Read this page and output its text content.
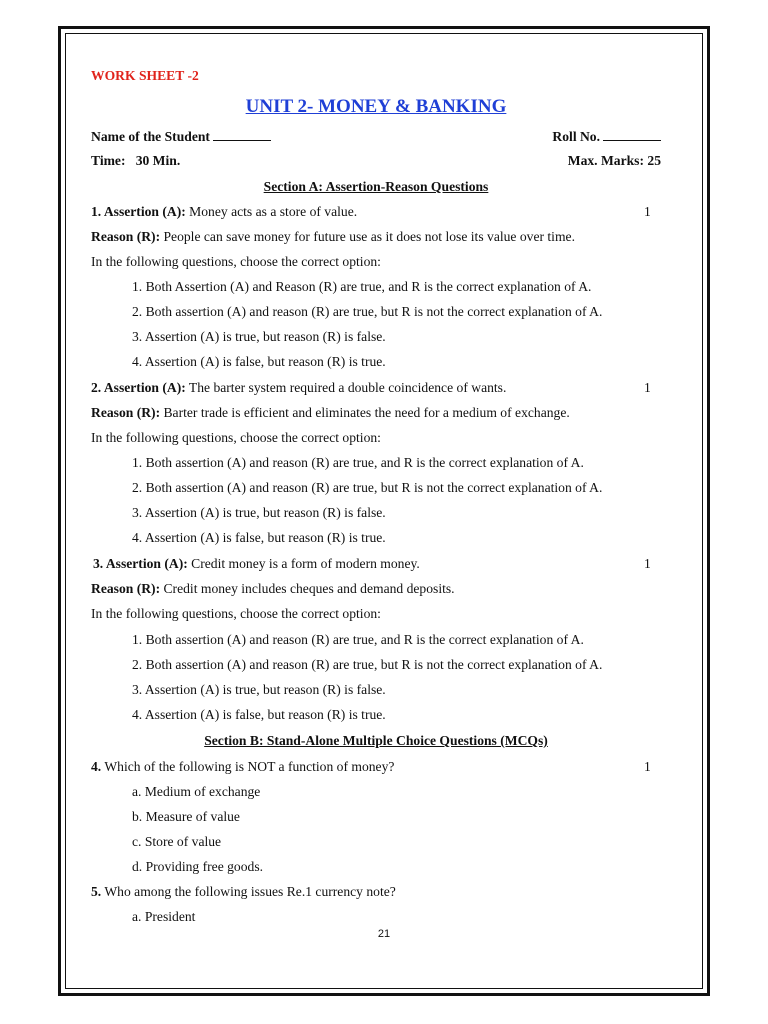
WORK SHEET -2
UNIT 2- MONEY & BANKING
Name of the Student	Roll No.
Time: 30 Min.	Max. Marks: 25
Section A: Assertion-Reason Questions
1. Assertion (A): Money acts as a store of value.	1
Reason (R): People can save money for future use as it does not lose its value over time.
In the following questions, choose the correct option:
1. Both Assertion (A) and Reason (R) are true, and R is the correct explanation of A.
2. Both assertion (A) and reason (R) are true, but R is not the correct explanation of A.
3. Assertion (A) is true, but reason (R) is false.
4. Assertion (A) is false, but reason (R) is true.
2. Assertion (A): The barter system required a double coincidence of wants.	1
Reason (R): Barter trade is efficient and eliminates the need for a medium of exchange.
In the following questions, choose the correct option:
1. Both assertion (A) and reason (R) are true, and R is the correct explanation of A.
2. Both assertion (A) and reason (R) are true, but R is not the correct explanation of A.
3. Assertion (A) is true, but reason (R) is false.
4. Assertion (A) is false, but reason (R) is true.
3. Assertion (A): Credit money is a form of modern money.	1
Reason (R): Credit money includes cheques and demand deposits.
In the following questions, choose the correct option:
1. Both assertion (A) and reason (R) are true, and R is the correct explanation of A.
2. Both assertion (A) and reason (R) are true, but R is not the correct explanation of A.
3. Assertion (A) is true, but reason (R) is false.
4. Assertion (A) is false, but reason (R) is true.
Section B: Stand-Alone Multiple Choice Questions (MCQs)
4. Which of the following is NOT a function of money?	1
a. Medium of exchange
b. Measure of value
c. Store of value
d. Providing free goods.
5. Who among the following issues Re.1 currency note?
a. President
21
